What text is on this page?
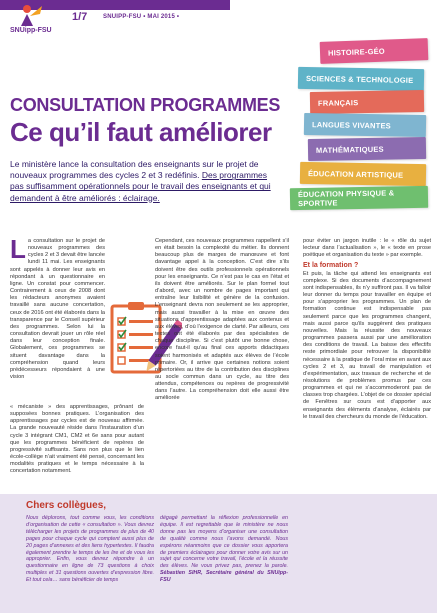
SNUipp-FSU
1/7	SNUIPP-FSU • MAI 2015 •
HISTOIRE-GÉO
SCIENCES & TECHNOLOGIE
FRANÇAIS
LANGUES VIVANTES
MATHÉMATIQUES
ÉDUCATION ARTISTIQUE
ÉDUCATION PHYSIQUE & SPORTIVE
CONSULTATION PROGRAMMES
Ce qu’il faut améliorer
Le ministère lance la consultation des enseignants sur le projet de nouveaux programmes des cycles 2 et 3 redéfinis. Des programmes pas suffisamment opérationnels pour le travail des enseignants et qui demandent à être améliorés : éclairage.
La consultation sur le projet de nouveaux programmes des cycles 2 et 3 devait être lancée lundi 11 mai. Les enseignants sont appelés à donner leur avis en répondant à un questionnaire en ligne. Un constat pour commencer. Contrairement à ceux de 2008 dont les rédacteurs anonymes avaient travaillé sans aucune concertation, ceux de 2016 ont été élaborés dans la transparence par le Conseil supérieur des programmes. Selon lui la consultation devrait jouer un rôle réel dans leur conception finale. Globalement, ces programmes se situent davantage dans la compréhension quand leurs prédécesseurs répondaient à une vision
« mécaniste » des apprentissages, prônant de supposées bonnes pratiques. L’organisation des apprentissages par cycles est de nouveau affirmée. La grande nouveauté réside dans l’instauration d’un cycle 3 intégrant CM1, CM2 et 6e sans pour autant que les programmes bénéficient de repères de progressivité suffisants. Sans non plus que le lien école-collège n’ait vraiment été pensé, concernant les modalités pratiques et le temps nécessaire à la concertation notamment.
Cependant, ces nouveaux programmes rappellent s’il en était besoin la complexité du métier. Ils donnent beaucoup plus de marges de manœuvre et font davantage appel à la conception. C’est dire s’ils doivent être des outils professionnels opérationnels pour les enseignants. Ce n’est pas le cas en l’état et ils doivent être améliorés. Sur le plan formel tout d’abord, avec un nombre de pages important qui entraîne leur lisibilité et génère de la confusion. L’enseignant devra non seulement se les approprier, mais aussi travailler à la mise en œuvre des situations d’apprentissage adaptées aux contenus et aux élèves, d’où l’exigence de clarté. Par ailleurs, ces textes ont été élaborés par des spécialistes de chaque discipline. Si c’est plutôt une bonne chose, encore faut-il qu’au final ces apports didactiques soient harmonisés et adaptés aux élèves de l’école primaire. Or, il arrive que certaines notions soient répertoriées au titre de la contribution des disciplines au socle commun dans un cycle, au titre des attendus, compétences ou repères de progressivité dans l’autre. La compréhension doit elle aussi être améliorée
pour éviter un jargon inutile : le « rôle du sujet lecteur dans l’actualisation », le « texte en prose poétique et organisation du texte » par exemple.
Et la formation ?
Et puis, la tâche qui attend les enseignants est complexe. Si des documents d’accompagnement sont indispensables, ils n’y suffiront pas. Il va falloir leur donner du temps pour travailler en équipe et pour s’approprier les programmes. Un plan de formation continue est indispensable pas seulement parce que les programmes changent, mais aussi parce qu’ils suggèrent des pratiques nouvelles. Mais la réussite des nouveaux programmes passera aussi par une amélioration des conditions de travail. La baisse des effectifs reste primordiale pour retrouver la disponibilité nécessaire à la pratique de l’oral mise en avant aux cycles 2 et 3, au travail de manipulation et d’expérimentation, aux travaux de recherche et de résolutions de problèmes promus par ces programmes et qui ne s’accommoderont pas de classes trop chargées. L’objet de ce dossier spécial de Fenêtres sur cours est d’apporter aux enseignants des éléments d’analyse, éclairés par le travail des chercheurs du monde de l’éducation.
Chers collègues,
Nous déplorons, tout comme vous, les conditions d’organisation de cette « consultation ». Vous devrez télécharger les projets de programmes de plus de 40 pages pour chaque cycle qui comptent aussi plus de 20 pages d’annexes et des liens hypertextes. Il faudra également prendre le temps de les lire et de vous les approprier. Enfin, vous devrez répondre à un questionnaire en ligne de 73 questions à choix multiples et 31 questions ouvertes d’expression libre. Et tout cela… sans bénéficier de temps
dégagé permettant la réflexion professionnelle en équipe. Il est regrettable que le ministère ne nous donne pas les moyens d’organiser une consultation de qualité comme nous l’avons demandé. Nous espérons néanmoins que ce dossier vous apportera de premiers éclairages pour donner votre avis sur un sujet qui concerne votre travail, l’école et la réussite des élèves. Ne vous privez pas, prenez la parole. Sébastien SIHR, Secrétaire général du SNUipp-FSU
